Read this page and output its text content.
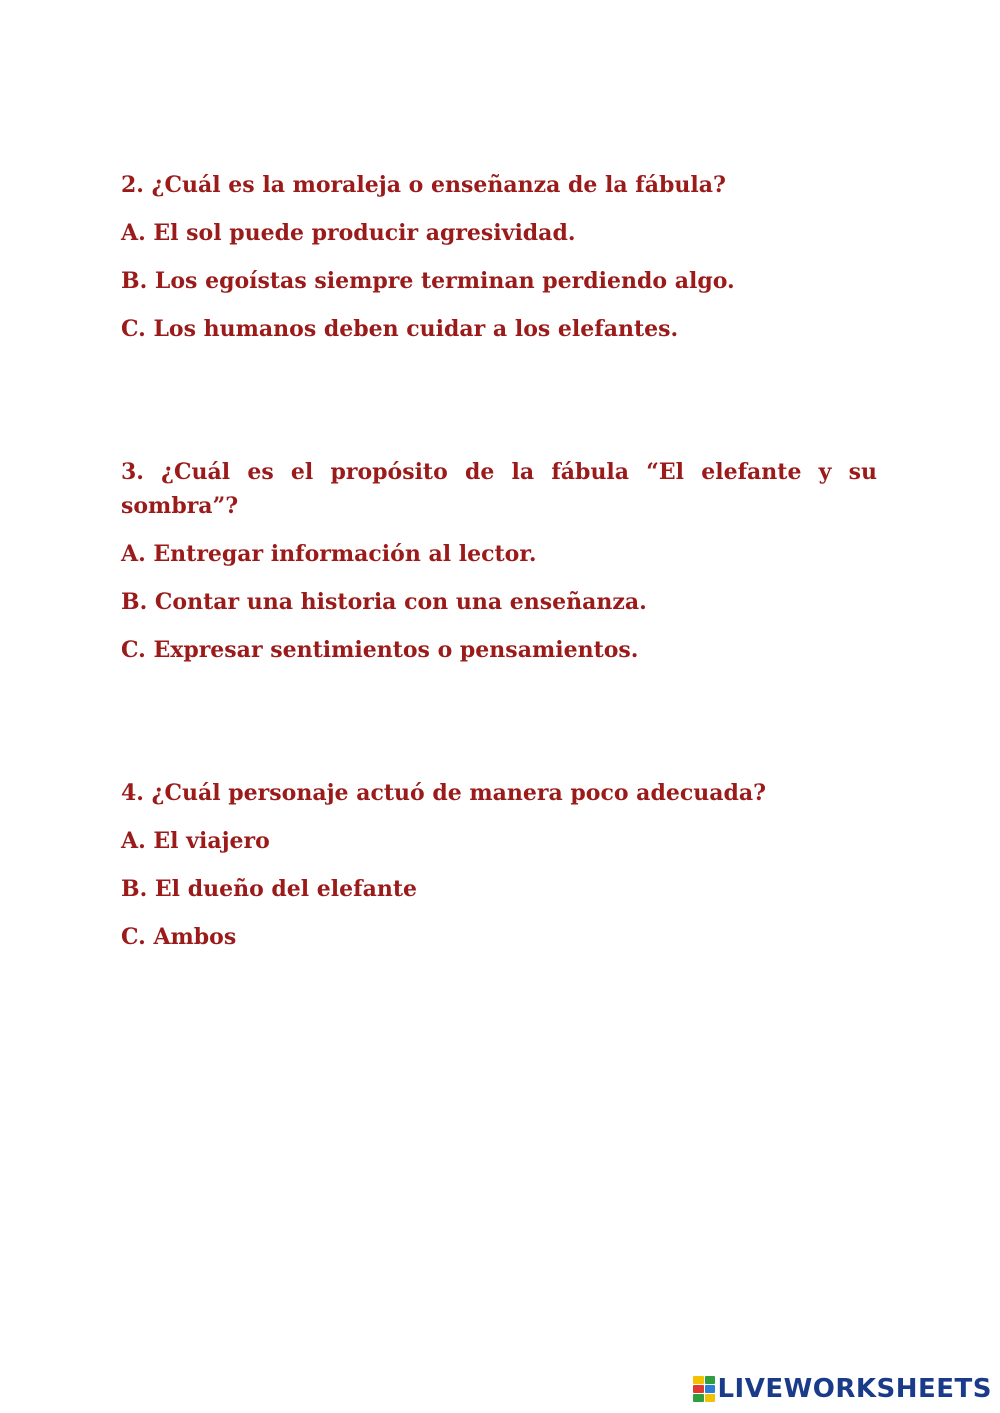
2. ¿Cuál es la moraleja o enseñanza de la fábula?

A. El sol puede producir agresividad.

B. Los egoístas siempre terminan perdiendo algo.

C. Los humanos deben cuidar a los elefantes.

3. ¿Cuál es el propósito de la fábula “El elefante y su sombra”?

A. Entregar información al lector.

B. Contar una historia con una enseñanza.

C. Expresar sentimientos o pensamientos.

4. ¿Cuál personaje actuó de manera poco adecuada?

A. El viajero

B. El dueño del elefante

C. Ambos

LIVEWORKSHEETS
